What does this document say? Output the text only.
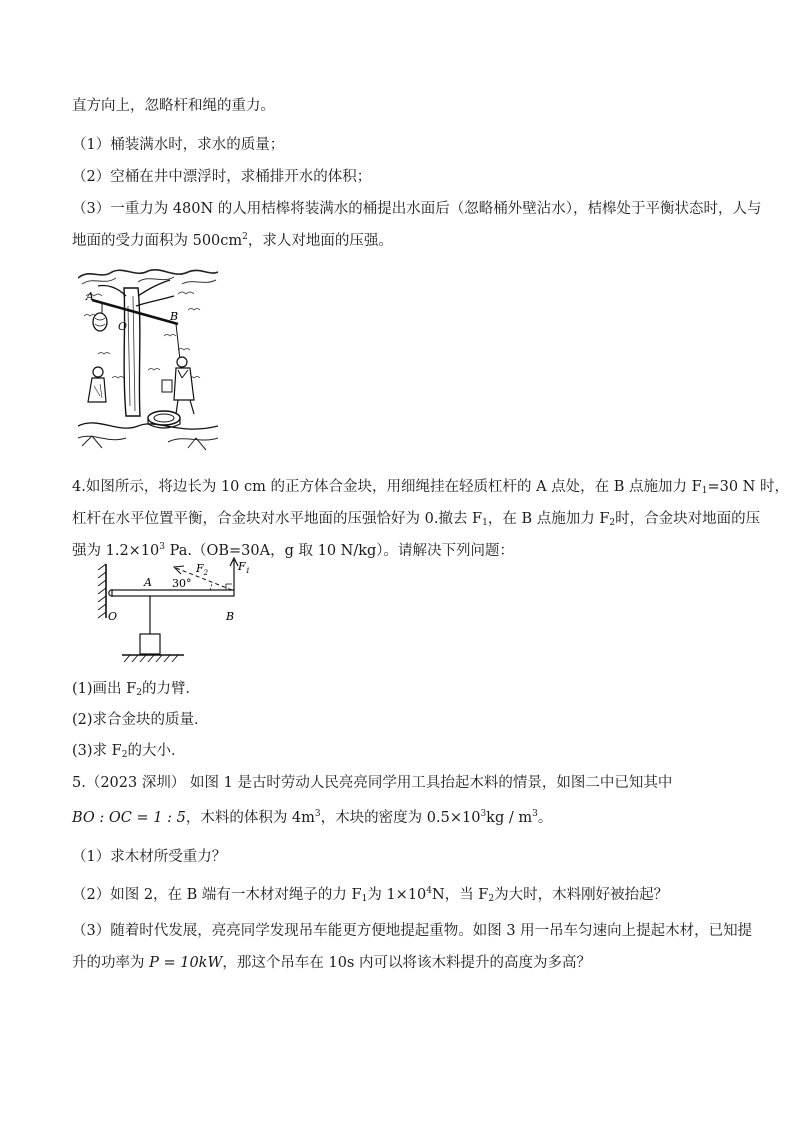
直方向上，忽略杆和绳的重力。
（1）桶装满水时，求水的质量；
（2）空桶在井中漂浮时，求桶排开水的体积；
（3）一重力为 480N 的人用桔槔将装满水的桶提出水面后（忽略桶外壁沾水），桔槔处于平衡状态时，人与
地面的受力面积为 $500cm^2$，求人对地面的压强。
A
O
B
4.如图所示，将边长为 10 cm 的正方体合金块，用细绳挂在轻质杠杆的 A 点处，在 B 点施加力 $F_1=30$ N 时，
杠杆在水平位置平衡，合金块对水平地面的压强恰好为 0.撤去 $F_1$，在 B 点施加力 $F_2$时，合金块对地面的压
强为 $1.2\times 10^3$ Pa.（OB=30A，g 取 10 N/kg）。请解决下列问题：
$F_2$	$F_1$
30°
A
O	B
(1)画出 $F_2$的力臂．
(2)求合金块的质量．
(3)求 $F_2$的大小．
5.（2023 深圳） 如图 1 是古时劳动人民亮亮同学用工具抬起木料的情景，如图二中已知其中
BO : OC = 1 : 5，木料的体积为 $4m^3$，木块的密度为 $0.5\times 10^3kg / m^3$。
（1）求木材所受重力？
（2）如图 2，在 B 端有一木材对绳子的力 $F_1$为 $1\times 10^4N$，当 $F_2$为大时，木料刚好被抬起？
（3）随着时代发展，亮亮同学发现吊车能更方便地提起重物。如图 3 用一吊车匀速向上提起木材，已知提
升的功率为 P = 10kW，那这个吊车在 10s 内可以将该木料提升的高度为多高？
